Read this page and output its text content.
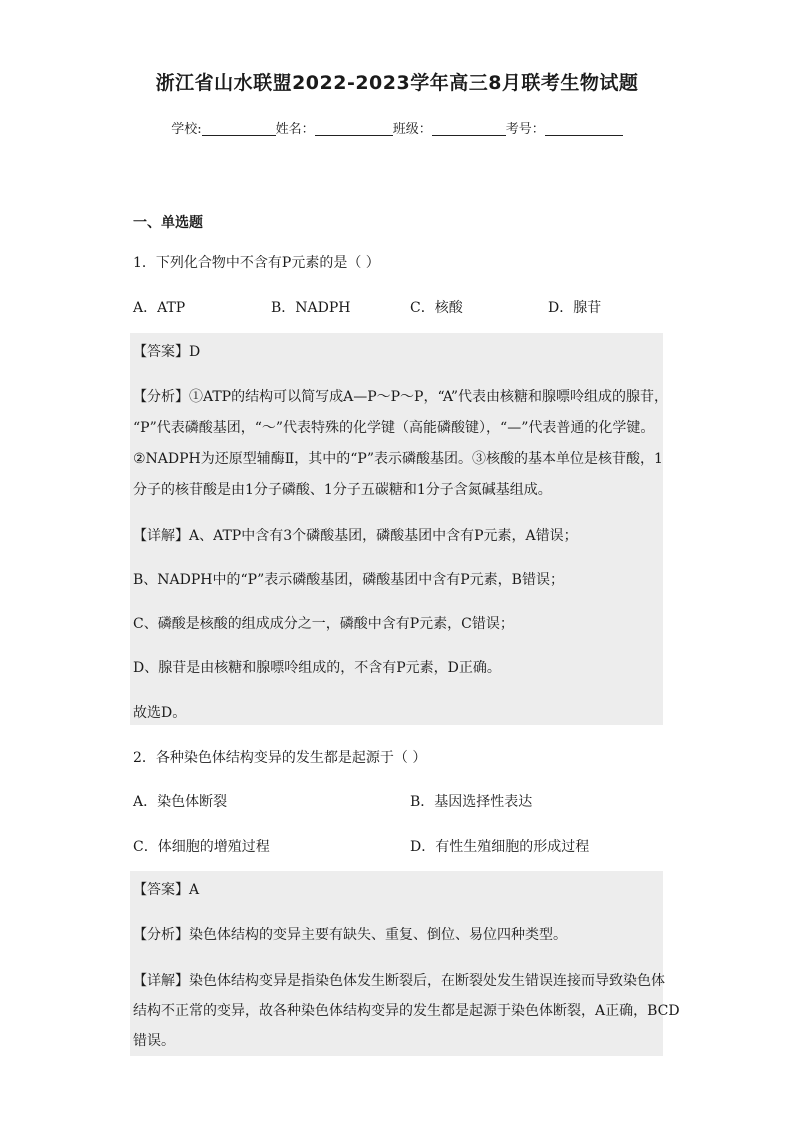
浙江省山水联盟2022-2023学年高三8月联考生物试题
学校:	姓名：	班级：	考号：
一、单选题
1．下列化合物中不含有P元素的是（ ）
A．ATP	B．NADPH	C．核酸	D．腺苷
【答案】D
【分析】①ATP的结构可以简写成A—P～P～P，“A”代表由核糖和腺嘌呤组成的腺苷，
“P”代表磷酸基团，“～”代表特殊的化学键（高能磷酸键），“—”代表普通的化学键。
②NADPH为还原型辅酶Ⅱ，其中的“P”表示磷酸基团。③核酸的基本单位是核苷酸，1
分子的核苷酸是由1分子磷酸、1分子五碳糖和1分子含氮碱基组成。
【详解】A、ATP中含有3个磷酸基团，磷酸基团中含有P元素，A错误；
B、NADPH中的“P”表示磷酸基团，磷酸基团中含有P元素，B错误；
C、磷酸是核酸的组成成分之一，磷酸中含有P元素，C错误；
D、腺苷是由核糖和腺嘌呤组成的，不含有P元素，D正确。
故选D。
2．各种染色体结构变异的发生都是起源于（ ）
A．染色体断裂	B．基因选择性表达
C．体细胞的增殖过程	D．有性生殖细胞的形成过程
【答案】A
【分析】染色体结构的变异主要有缺失、重复、倒位、易位四种类型。
【详解】染色体结构变异是指染色体发生断裂后，在断裂处发生错误连接而导致染色体
结构不正常的变异，故各种染色体结构变异的发生都是起源于染色体断裂，A正确，BCD
错误。
